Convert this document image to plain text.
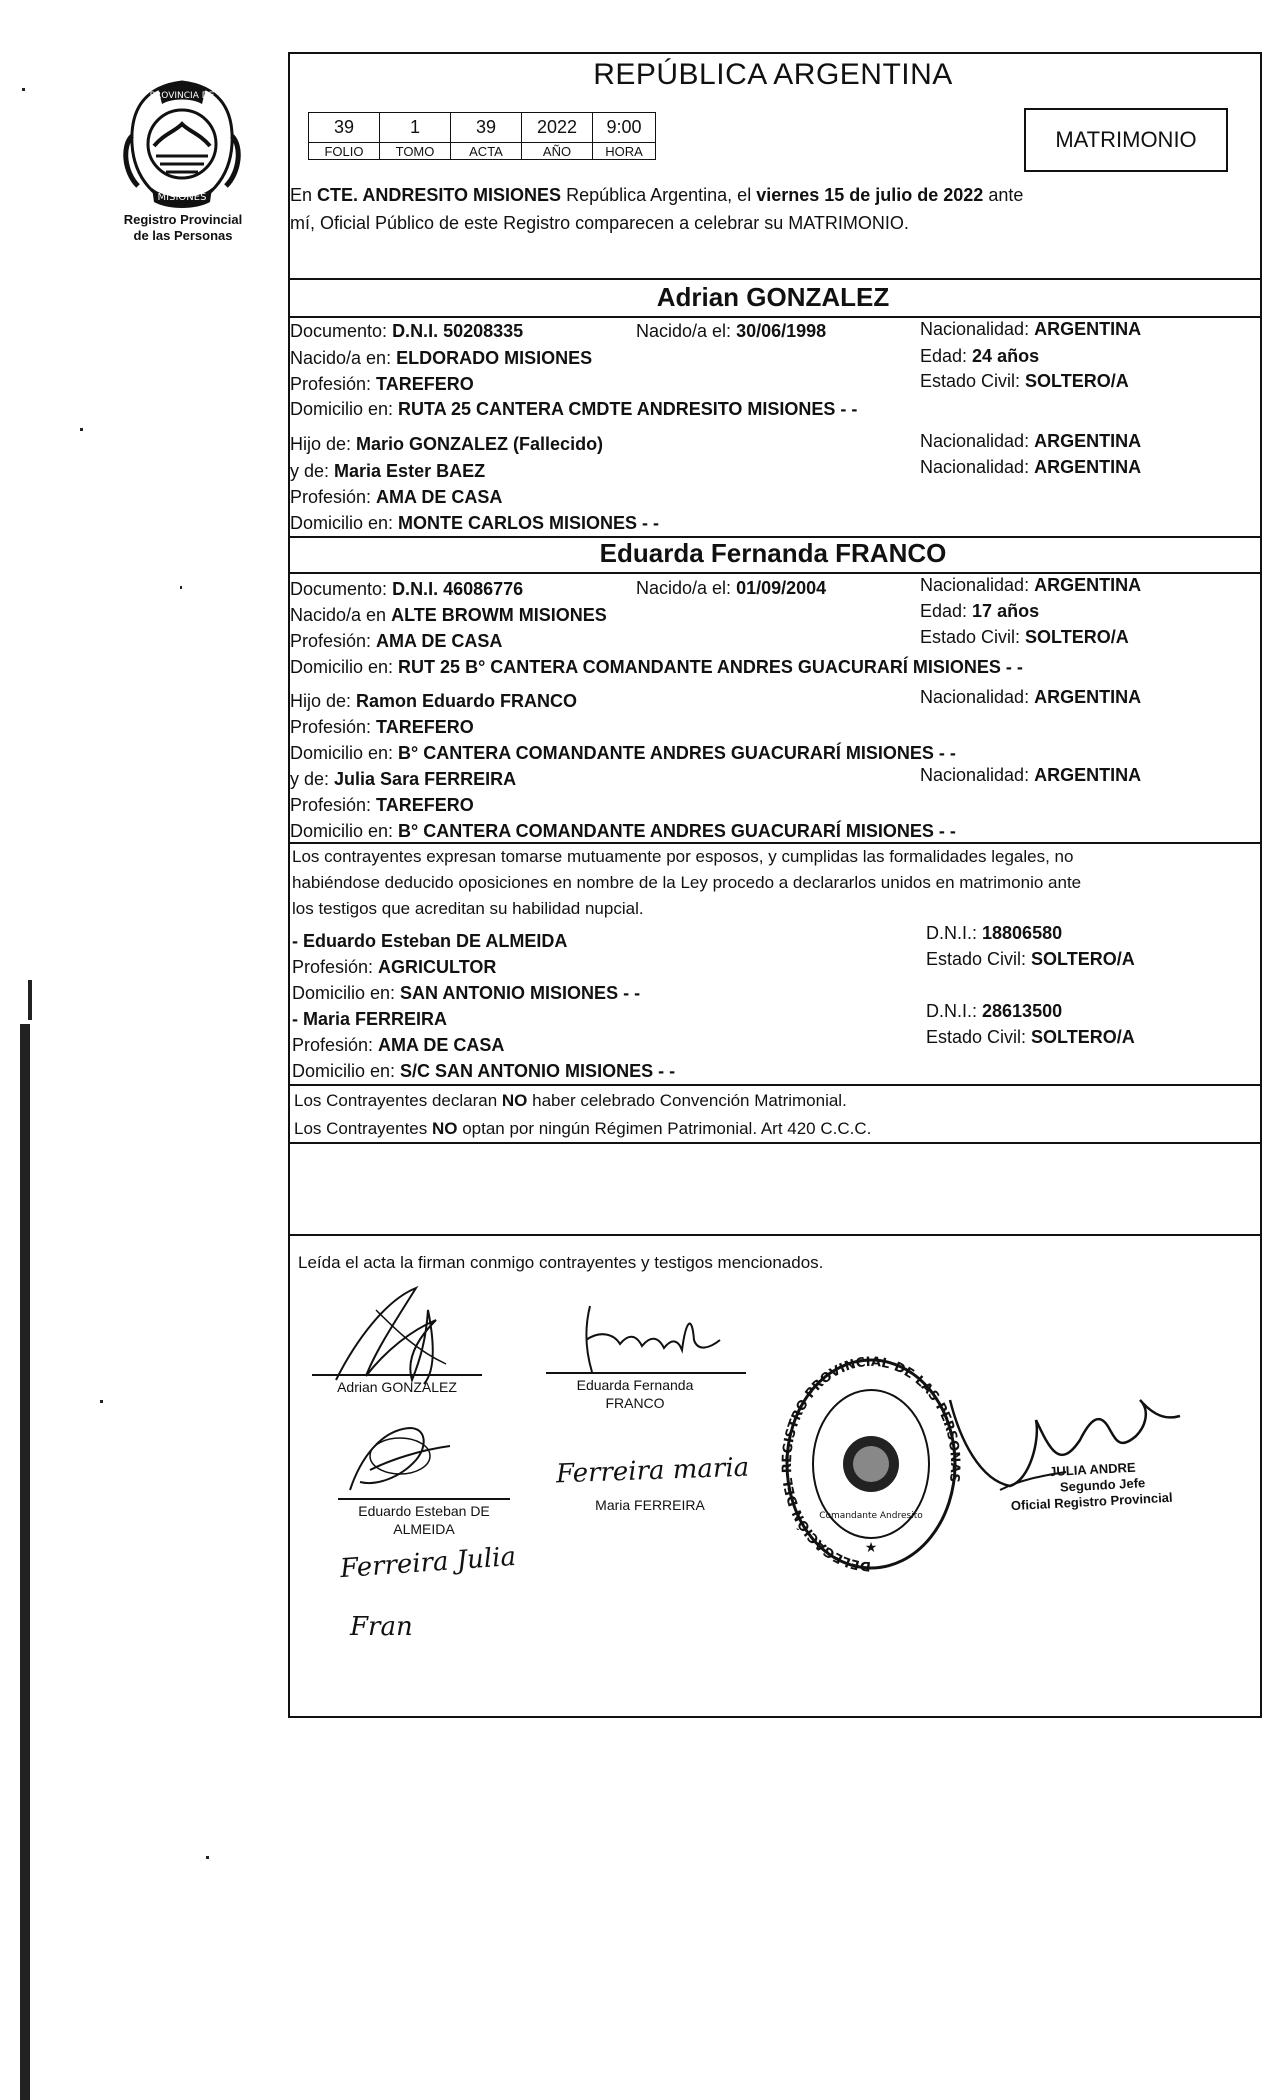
PROVINCIA DE
MISIONES
Registro Provincial
de las Personas
REPÚBLICA ARGENTINA
39	1	39	2022	9:00
FOLIO	TOMO	ACTA	AÑO	HORA	MATRIMONIO
En CTE. ANDRESITO MISIONES República Argentina, el viernes 15 de julio de 2022 ante
mí, Oficial Público de este Registro comparecen a celebrar su MATRIMONIO.
Adrian GONZALEZ
Documento: D.N.I. 50208335	Nacido/a el: 30/06/1998	Nacionalidad: ARGENTINA
Nacido/a en: ELDORADO MISIONES	Edad: 24 años
Profesión: TAREFERO	Estado Civil: SOLTERO/A
Domicilio en: RUTA 25 CANTERA CMDTE ANDRESITO MISIONES - -
Hijo de: Mario GONZALEZ (Fallecido)	Nacionalidad: ARGENTINA
y de: Maria Ester BAEZ	Nacionalidad: ARGENTINA
Profesión: AMA DE CASA
Domicilio en: MONTE CARLOS MISIONES - -
Eduarda Fernanda FRANCO
Documento: D.N.I. 46086776	Nacido/a el: 01/09/2004	Nacionalidad: ARGENTINA
Nacido/a en ALTE BROWM MISIONES	Edad: 17 años
Profesión: AMA DE CASA	Estado Civil: SOLTERO/A
Domicilio en: RUT 25 B° CANTERA COMANDANTE ANDRES GUACURARÍ MISIONES - -
Hijo de: Ramon Eduardo FRANCO	Nacionalidad: ARGENTINA
Profesión: TAREFERO
Domicilio en: B° CANTERA COMANDANTE ANDRES GUACURARÍ MISIONES - -
y de: Julia Sara FERREIRA	Nacionalidad: ARGENTINA
Profesión: TAREFERO
Domicilio en: B° CANTERA COMANDANTE ANDRES GUACURARÍ MISIONES - -
Los contrayentes expresan tomarse mutuamente por esposos, y cumplidas las formalidades legales, no
habiéndose deducido oposiciones en nombre de la Ley procedo a declararlos unidos en matrimonio ante
los testigos que acreditan su habilidad nupcial.
- Eduardo Esteban DE ALMEIDA	D.N.I.: 18806580
Profesión: AGRICULTOR	Estado Civil: SOLTERO/A
Domicilio en: SAN ANTONIO MISIONES - -
- Maria FERREIRA	D.N.I.: 28613500
Profesión: AMA DE CASA	Estado Civil: SOLTERO/A
Domicilio en: S/C SAN ANTONIO MISIONES - -
Los Contrayentes declaran NO haber celebrado Convención Matrimonial.
Los Contrayentes NO optan por ningún Régimen Patrimonial. Art 420 C.C.C.
Leída el acta la firman conmigo contrayentes y testigos mencionados.
Adrian GONZALEZ	Eduarda Fernanda
FRANCO
Eduardo Esteban DE
ALMEIDA
Ferreira maria
Maria FERREIRA
Ferreira Julia
Fran
DELEGACIÓN DEL REGISTRO PROVINCIAL DE LAS PERSONAS
Comandante Andresito
★
JULIA ANDRE
Segundo Jefe
Oficial Registro Provincial
